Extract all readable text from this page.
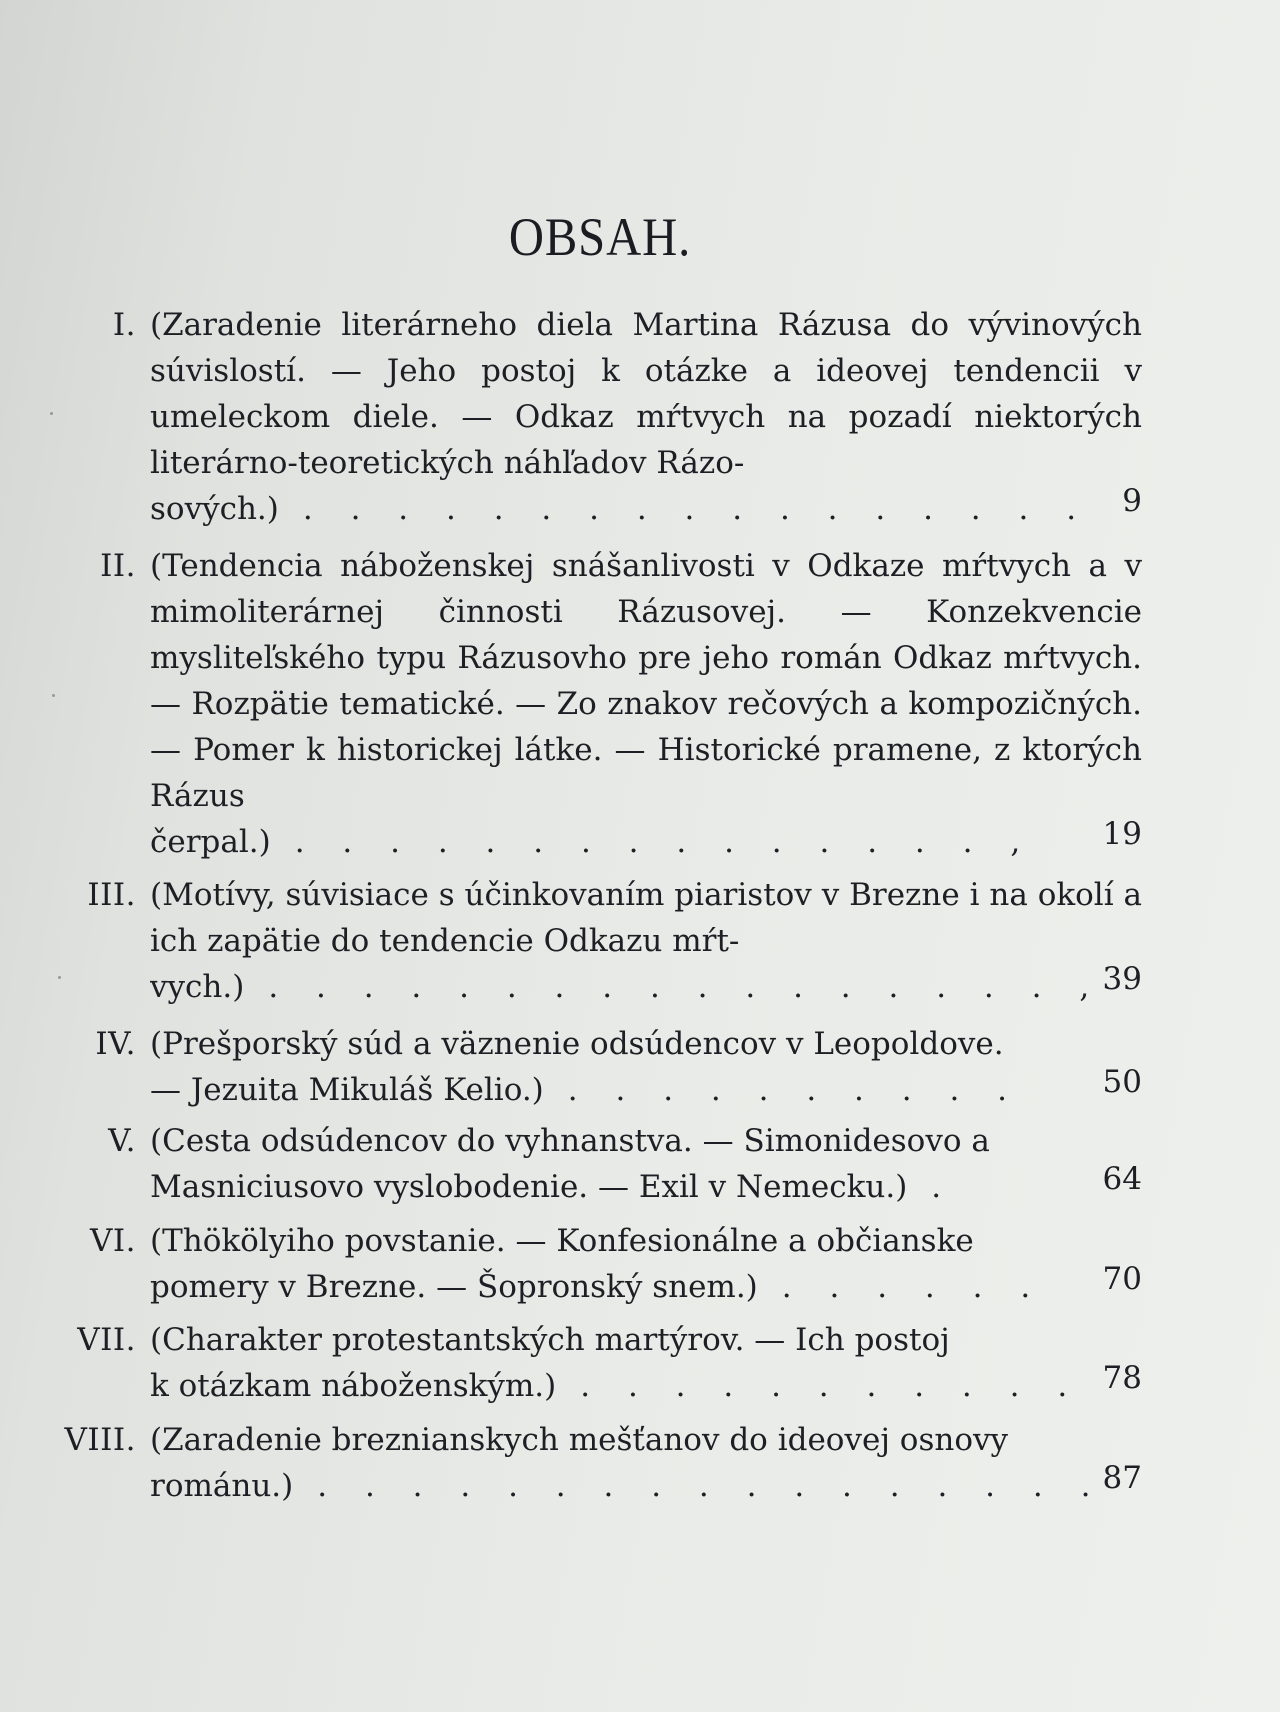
OBSAH.
I. (Zaradenie literárneho diela Martina Rázusa do vývinových súvislostí. — Jeho postoj k otázke a ideovej tendencii v umeleckom diele. — Odkaz mŕtvych na pozadí niektorých literárno-teoretických náhľadov Rázo-

sových.) . . . . . . . . . . . . . . . . .	9
II. (Tendencia náboženskej snášanlivosti v Odkaze mŕtvych a v mimoliterárnej činnosti Rázusovej. — Konzekvencie mysliteľského typu Rázusovho pre jeho román Odkaz mŕtvych. — Rozpätie tematické. — Zo znakov rečových a kompozičných. — Pomer k historickej látke. — Historické pramene, z ktorých Rázus

čerpal.) . . . . . . . . . . . . . . . ,	19
III. (Motívy, súvisiace s účinkovaním piaristov v Brezne i na okolí a ich zapätie do tendencie Odkazu mŕt-

vych.) . . . . . . . . . . . . . . . . . , 39
IV. (Prešporský súd a väznenie odsúdencov v Leopoldove.

— Jezuita Mikuláš Kelio.) . . . . . . . . . .	50
V. (Cesta odsúdencov do vyhnanstva. — Simonidesovo a

Masniciusovo vyslobodenie. — Exil v Nemecku.) .	64
VI. (Thökölyiho povstanie. — Konfesionálne a občianske

pomery v Brezne. — Šopronský snem.) . . . . . .	70
VII. (Charakter protestantských martýrov. — Ich postoj

k otázkam náboženským.) . . . . . . . . . . . 78
VIII. (Zaradenie breznianskych mešťanov do ideovej osnovy

románu.) . . . . . . . . . . . . . . . . .
87
